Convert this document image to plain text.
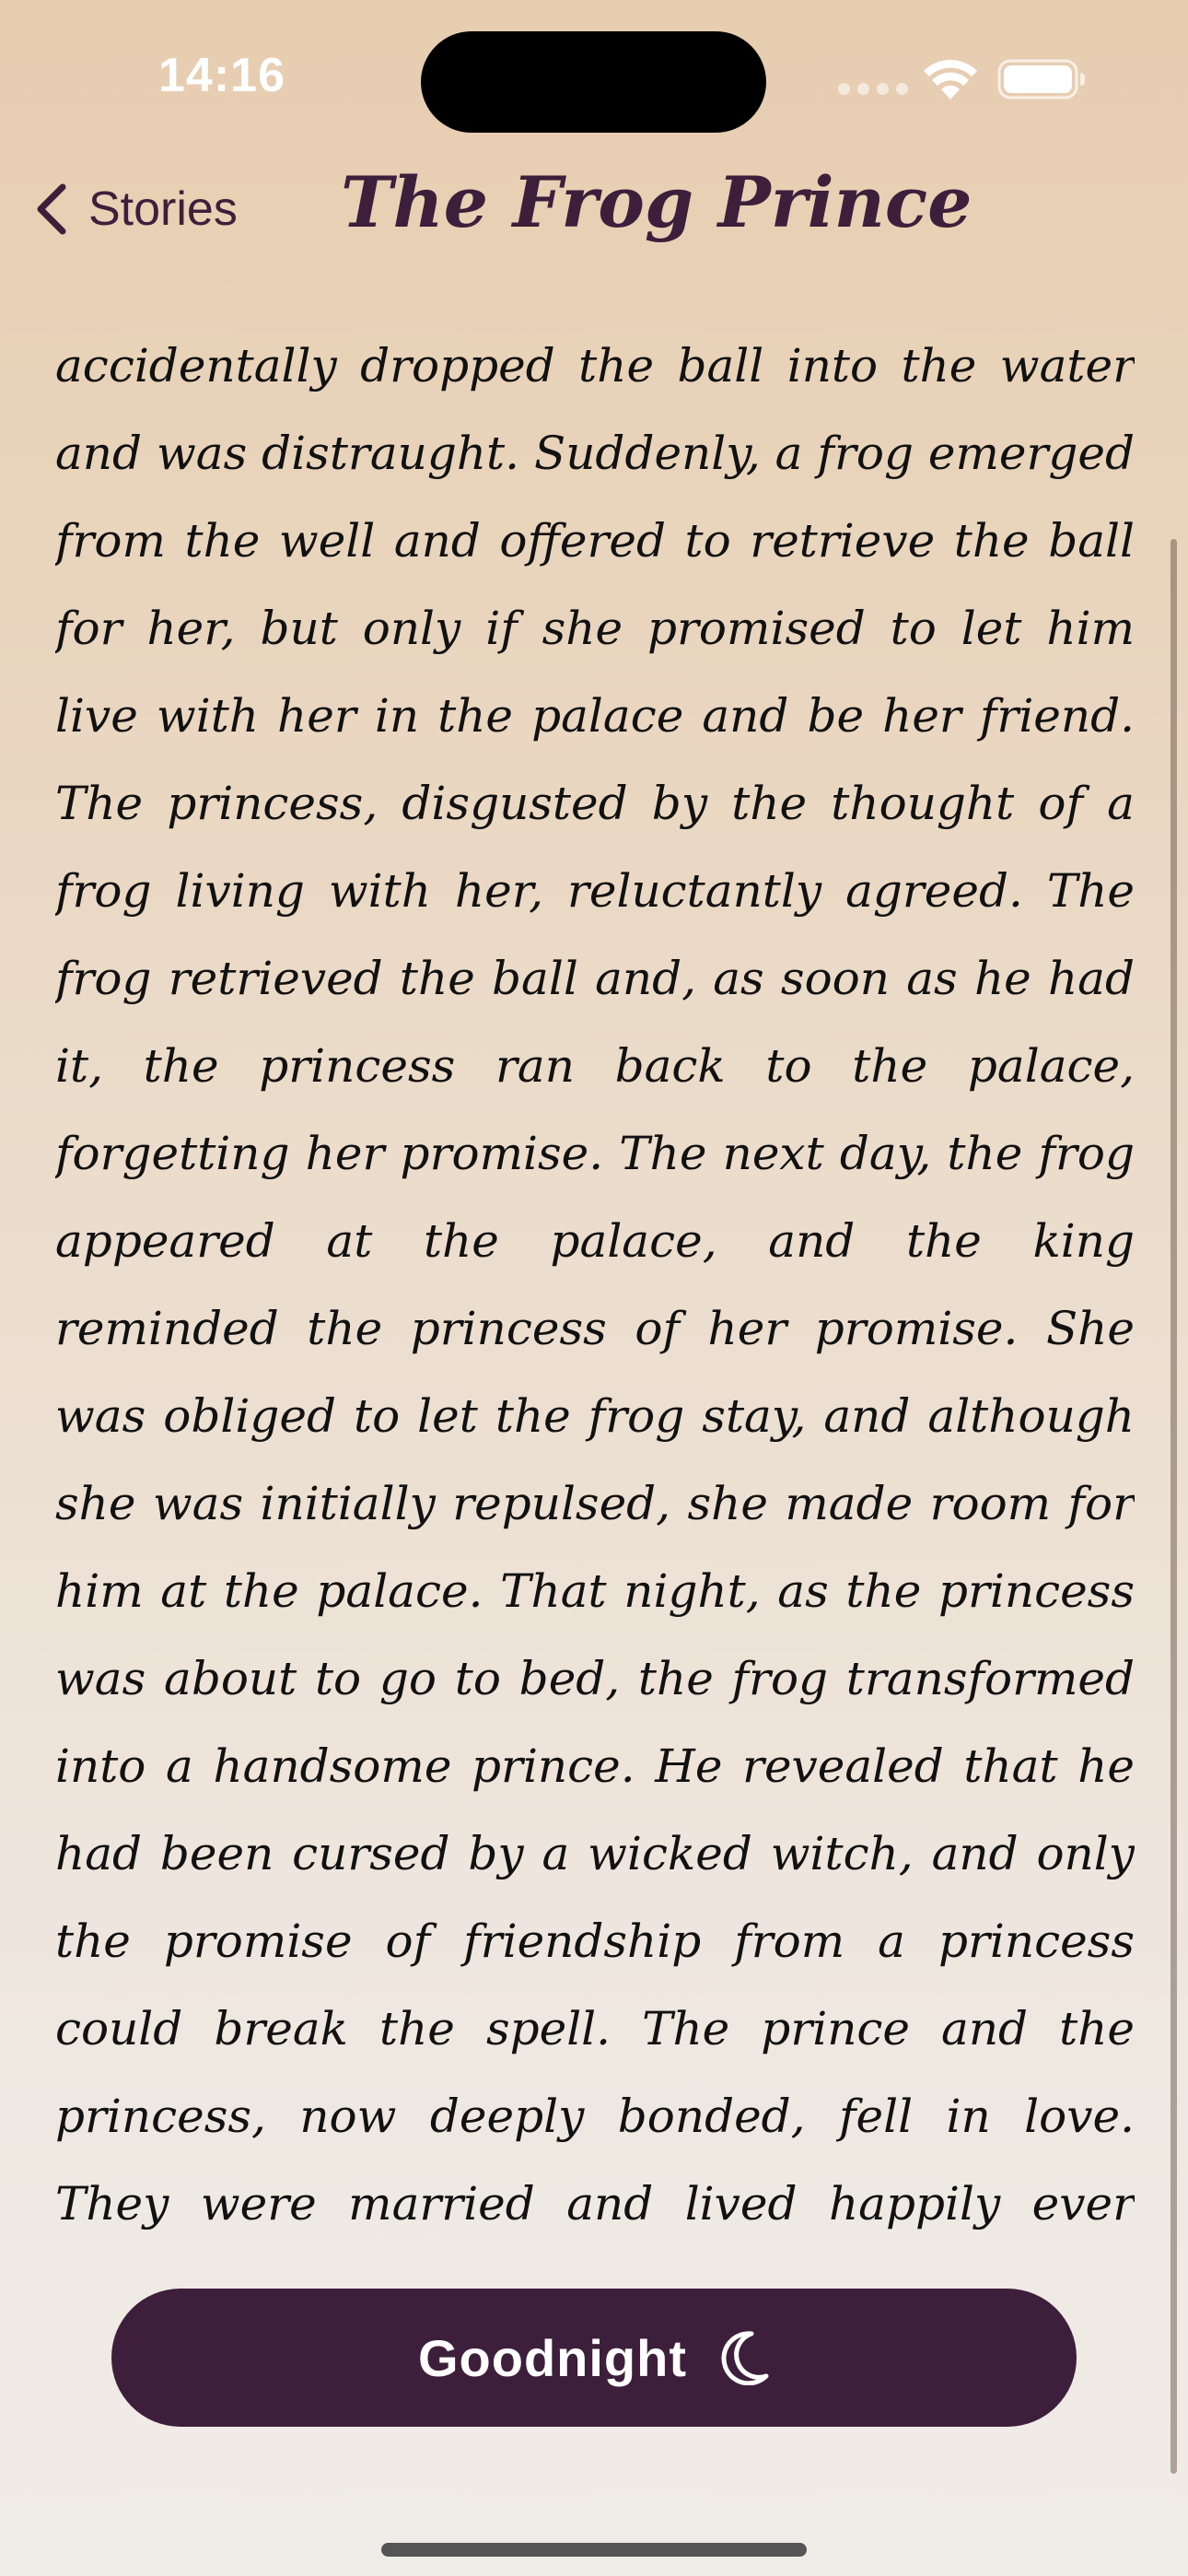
14:16
Stories The Frog Prince

accidentally dropped the ball into the water and was distraught. Suddenly, a frog emerged from the well and offered to retrieve the ball for her, but only if she promised to let him live with her in the palace and be her friend. The princess, disgusted by the thought of a frog living with her, reluctantly agreed. The frog retrieved the ball and, as soon as he had it, the princess ran back to the palace, forgetting her promise. The next day, the frog appeared at the palace, and the king reminded the princess of her promise. She was obliged to let the frog stay, and although she was initially repulsed, she made room for him at the palace. That night, as the princess was about to go to bed, the frog transformed into a handsome prince. He revealed that he had been cursed by a wicked witch, and only the promise of friendship from a princess could break the spell. The prince and the princess, now deeply bonded, fell in love. They were married and lived happily ever

Goodnight
